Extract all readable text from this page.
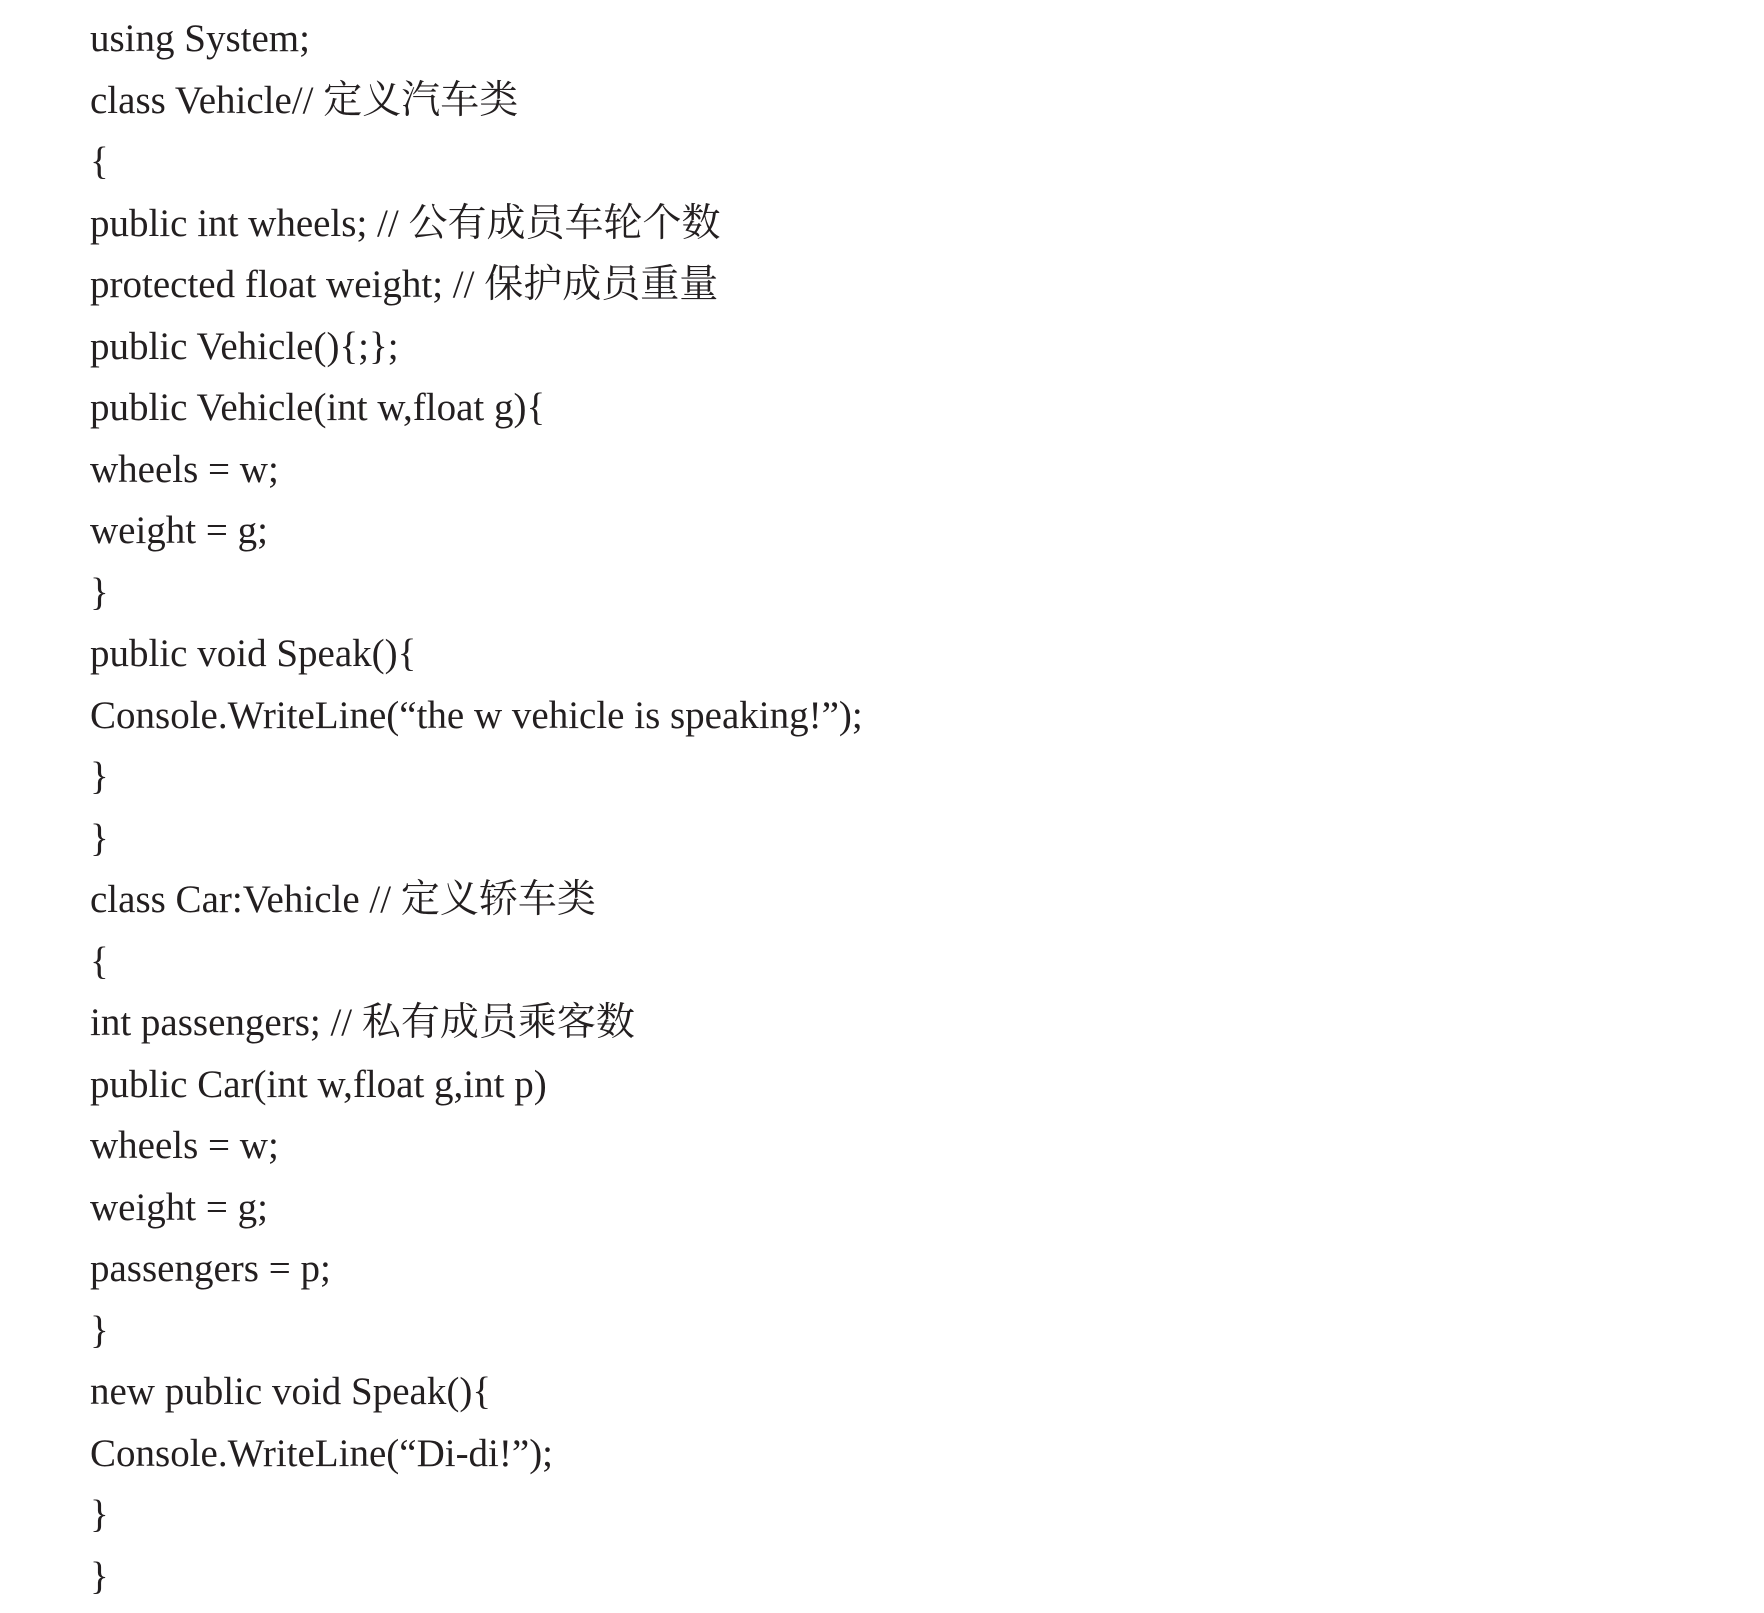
using System;
class Vehicle// 定义汽车类
{
public int wheels; // 公有成员车轮个数
protected float weight; // 保护成员重量
public Vehicle(){;};
public Vehicle(int w,float g){
wheels = w;
weight = g;
}
public void Speak(){
Console.WriteLine(“the w vehicle is speaking!”);
}
}
class Car:Vehicle // 定义轿车类
{
int passengers; // 私有成员乘客数
public Car(int w,float g,int p)
wheels = w;
weight = g;
passengers = p;
}
new public void Speak(){
Console.WriteLine(“Di-di!”);
}
}
